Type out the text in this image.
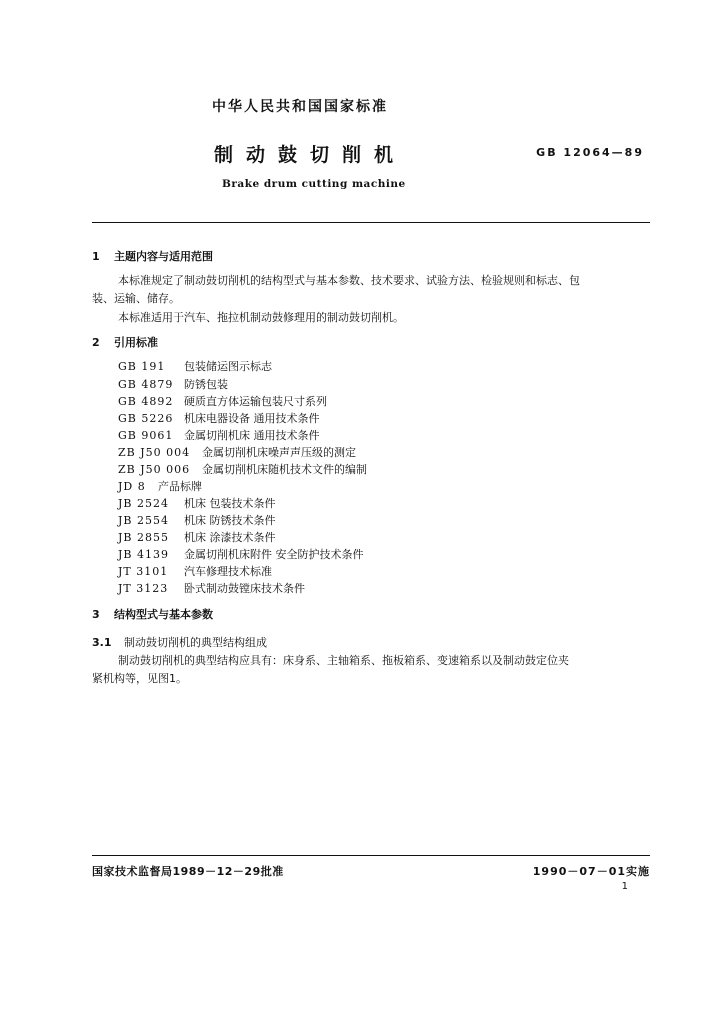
中华人民共和国国家标准
制动鼓切削机	GB 12064—89
Brake drum cutting machine
1 主题内容与适用范围
本标准规定了制动鼓切削机的结构型式与基本参数、技术要求、试验方法、检验规则和标志、包
装、运输、储存。
本标准适用于汽车、拖拉机制动鼓修理用的制动鼓切削机。
2 引用标准
GB 191 包装储运图示标志
GB 4879 防锈包装
GB 4892 硬质直方体运输包装尺寸系列
GB 5226 机床电器设备 通用技术条件
GB 9061 金属切削机床 通用技术条件
ZB J50 004 金属切削机床噪声声压级的测定
ZB J50 006 金属切削机床随机技术文件的编制
JD 8 产品标牌
JB 2524 机床 包装技术条件
JB 2554 机床 防锈技术条件
JB 2855 机床 涂漆技术条件
JB 4139 金属切削机床附件 安全防护技术条件
JT 3101 汽车修理技术标准
JT 3123 卧式制动鼓镗床技术条件
3 结构型式与基本参数
3.1 制动鼓切削机的典型结构组成
制动鼓切削机的典型结构应具有：床身系、主轴箱系、拖板箱系、变速箱系以及制动鼓定位夹
紧机构等，见图1。
国家技术监督局1989－12－29批准	1990－07－01实施
1
